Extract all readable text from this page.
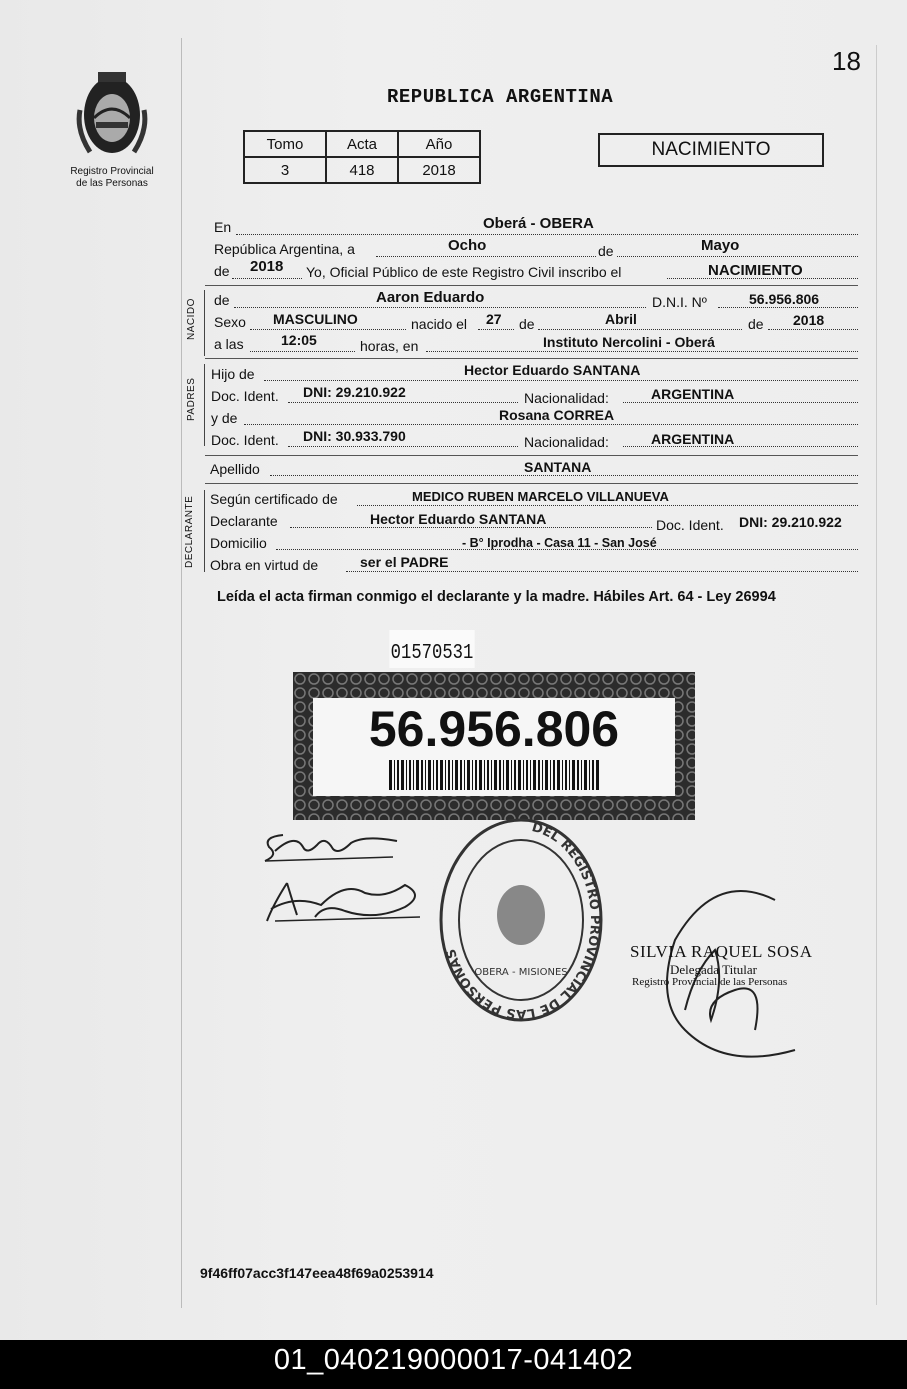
18
Registro Provincial
de las Personas
REPUBLICA ARGENTINA
Tomo	Acta	Año
3	418	2018
NACIMIENTO
En	Oberá - OBERA
República Argentina, a	Ocho	de	Mayo
de 2018 Yo, Oficial Público de este Registro Civil inscribo el	NACIMIENTO
NACIDO de	Aaron Eduardo	D.N.I. Nº	56.956.806
Sexo MASCULINO	nacido el 27 de	Abril	de 2018
a las	12:05	horas, en	Instituto Nercolini - Oberá
PADRES
Hijo de	Hector Eduardo SANTANA
Doc. Ident. DNI: 29.210.922	Nacionalidad:	ARGENTINA
y de	Rosana CORREA
Doc. Ident. DNI: 30.933.790	Nacionalidad:	ARGENTINA
Apellido	SANTANA
DECLARANTE Según certificado de	MEDICO RUBEN MARCELO VILLANUEVA
Declarante	Hector Eduardo SANTANA	Doc. Ident. DNI: 29.210.922
Domicilio	- B° Iprodha - Casa 11 - San José
Obra en virtud de	ser el PADRE
Leída el acta firman conmigo el declarante y la madre. Hábiles Art. 64 - Ley 26994
01570531
56.956.806
DEL REGISTRO PROVINCIAL DE LAS PERSONAS
OBERA - MISIONES
SILVIA RAQUEL SOSA
Delegada Titular
Registro Provincial de las Personas
9f46ff07acc3f147eea48f69a0253914
01_040219000017-041402
